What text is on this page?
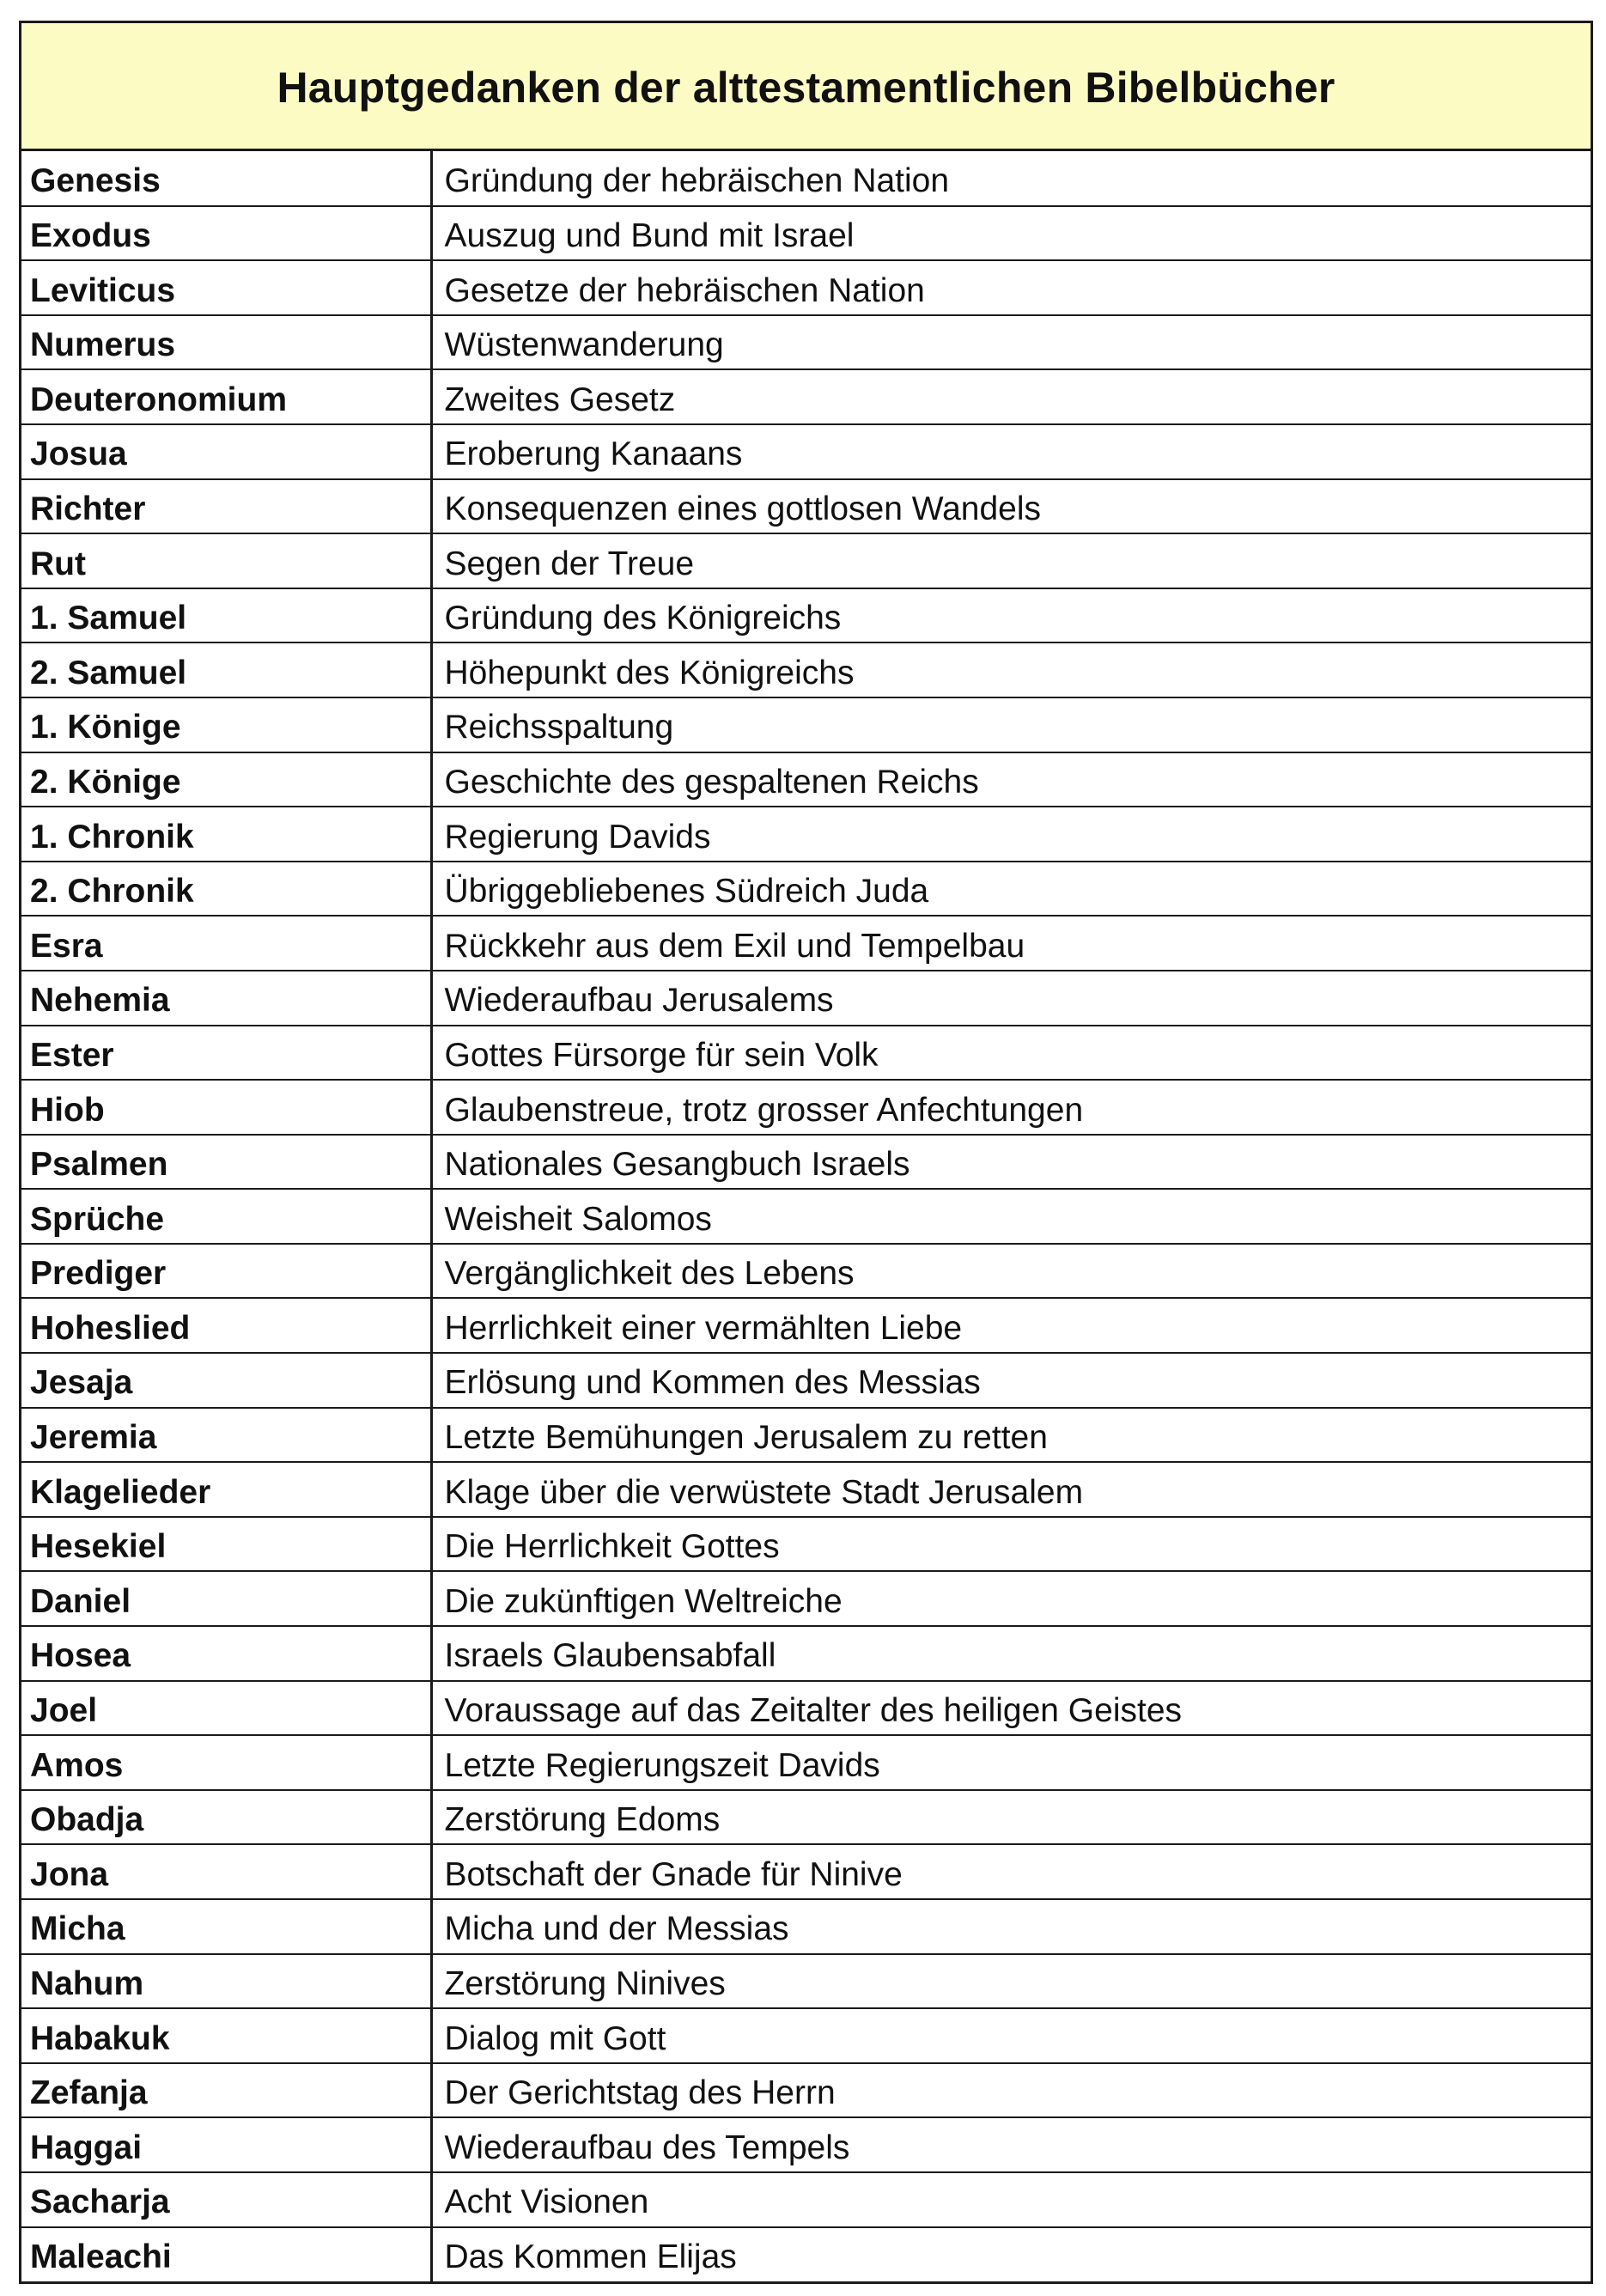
Hauptgedanken der alttestamentlichen Bibelbücher
Genesis	Gründung der hebräischen Nation
Exodus	Auszug und Bund mit Israel
Leviticus	Gesetze der hebräischen Nation
Numerus	Wüstenwanderung
Deuteronomium	Zweites Gesetz
Josua	Eroberung Kanaans
Richter	Konsequenzen eines gottlosen Wandels
Rut	Segen der Treue
1. Samuel	Gründung des Königreichs
2. Samuel	Höhepunkt des Königreichs
1. Könige	Reichsspaltung
2. Könige	Geschichte des gespaltenen Reichs
1. Chronik	Regierung Davids
2. Chronik	Übriggebliebenes Südreich Juda
Esra	Rückkehr aus dem Exil und Tempelbau
Nehemia	Wiederaufbau Jerusalems
Ester	Gottes Fürsorge für sein Volk
Hiob	Glaubenstreue, trotz grosser Anfechtungen
Psalmen	Nationales Gesangbuch Israels
Sprüche	Weisheit Salomos
Prediger	Vergänglichkeit des Lebens
Hoheslied	Herrlichkeit einer vermählten Liebe
Jesaja	Erlösung und Kommen des Messias
Jeremia	Letzte Bemühungen Jerusalem zu retten
Klagelieder	Klage über die verwüstete Stadt Jerusalem
Hesekiel	Die Herrlichkeit Gottes
Daniel	Die zukünftigen Weltreiche
Hosea	Israels Glaubensabfall
Joel	Voraussage auf das Zeitalter des heiligen Geistes
Amos	Letzte Regierungszeit Davids
Obadja	Zerstörung Edoms
Jona	Botschaft der Gnade für Ninive
Micha	Micha und der Messias
Nahum	Zerstörung Ninives
Habakuk	Dialog mit Gott
Zefanja	Der Gerichtstag des Herrn
Haggai	Wiederaufbau des Tempels
Sacharja	Acht Visionen
Maleachi	Das Kommen Elijas
